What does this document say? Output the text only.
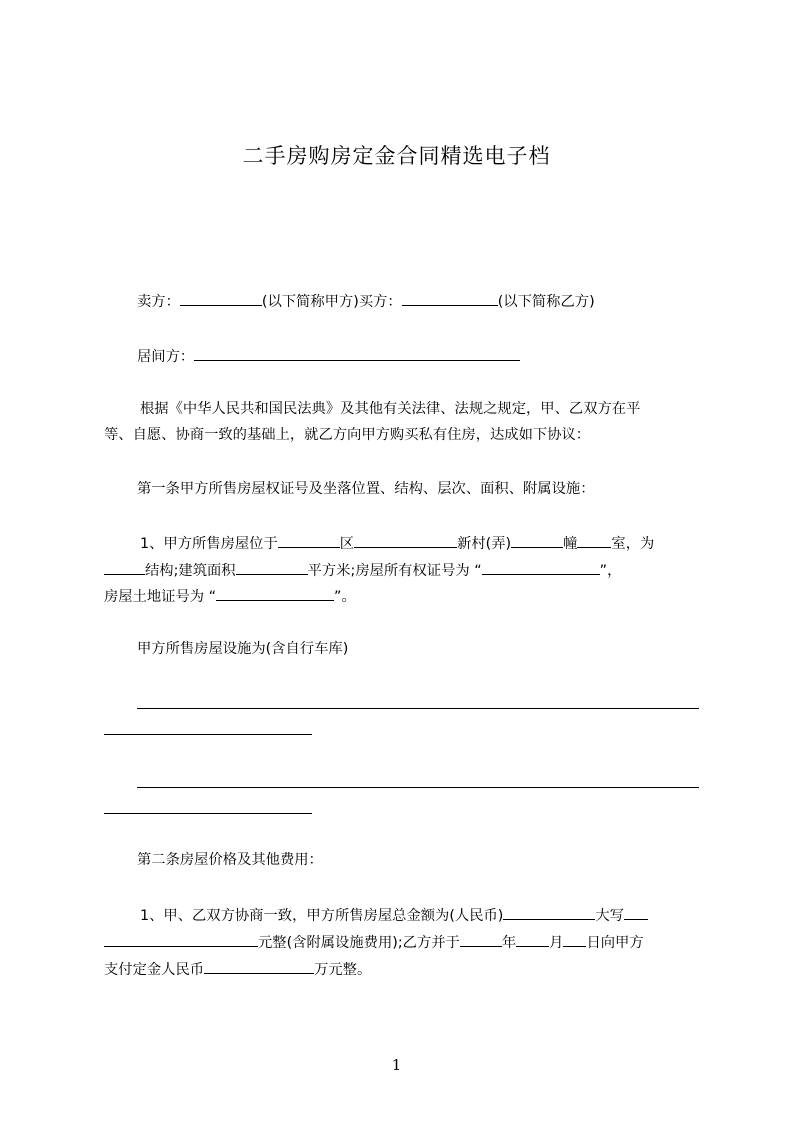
二手房购房定金合同精选电子档
卖方：	(以下简称甲方)买方：	(以下简称乙方)
居间方：
根据《中华人民共和国民法典》及其他有关法律、法规之规定，甲、乙双方在平
等、自愿、协商一致的基础上，就乙方向甲方购买私有住房，达成如下协议：
第一条甲方所售房屋权证号及坐落位置、结构、层次、面积、附属设施：
1、甲方所售房屋位于	区	新村(弄)	幢 室，为
结构;建筑面积	平方米;房屋所有权证号为 “	”，
房屋土地证号为 “	”。
甲方所售房屋设施为(含自行车库)
第二条房屋价格及其他费用：
1、甲、乙双方协商一致，甲方所售房屋总金额为(人民币)	大写
元整(含附属设施费用);乙方并于	年 月 日向甲方
支付定金人民币	万元整。
1
